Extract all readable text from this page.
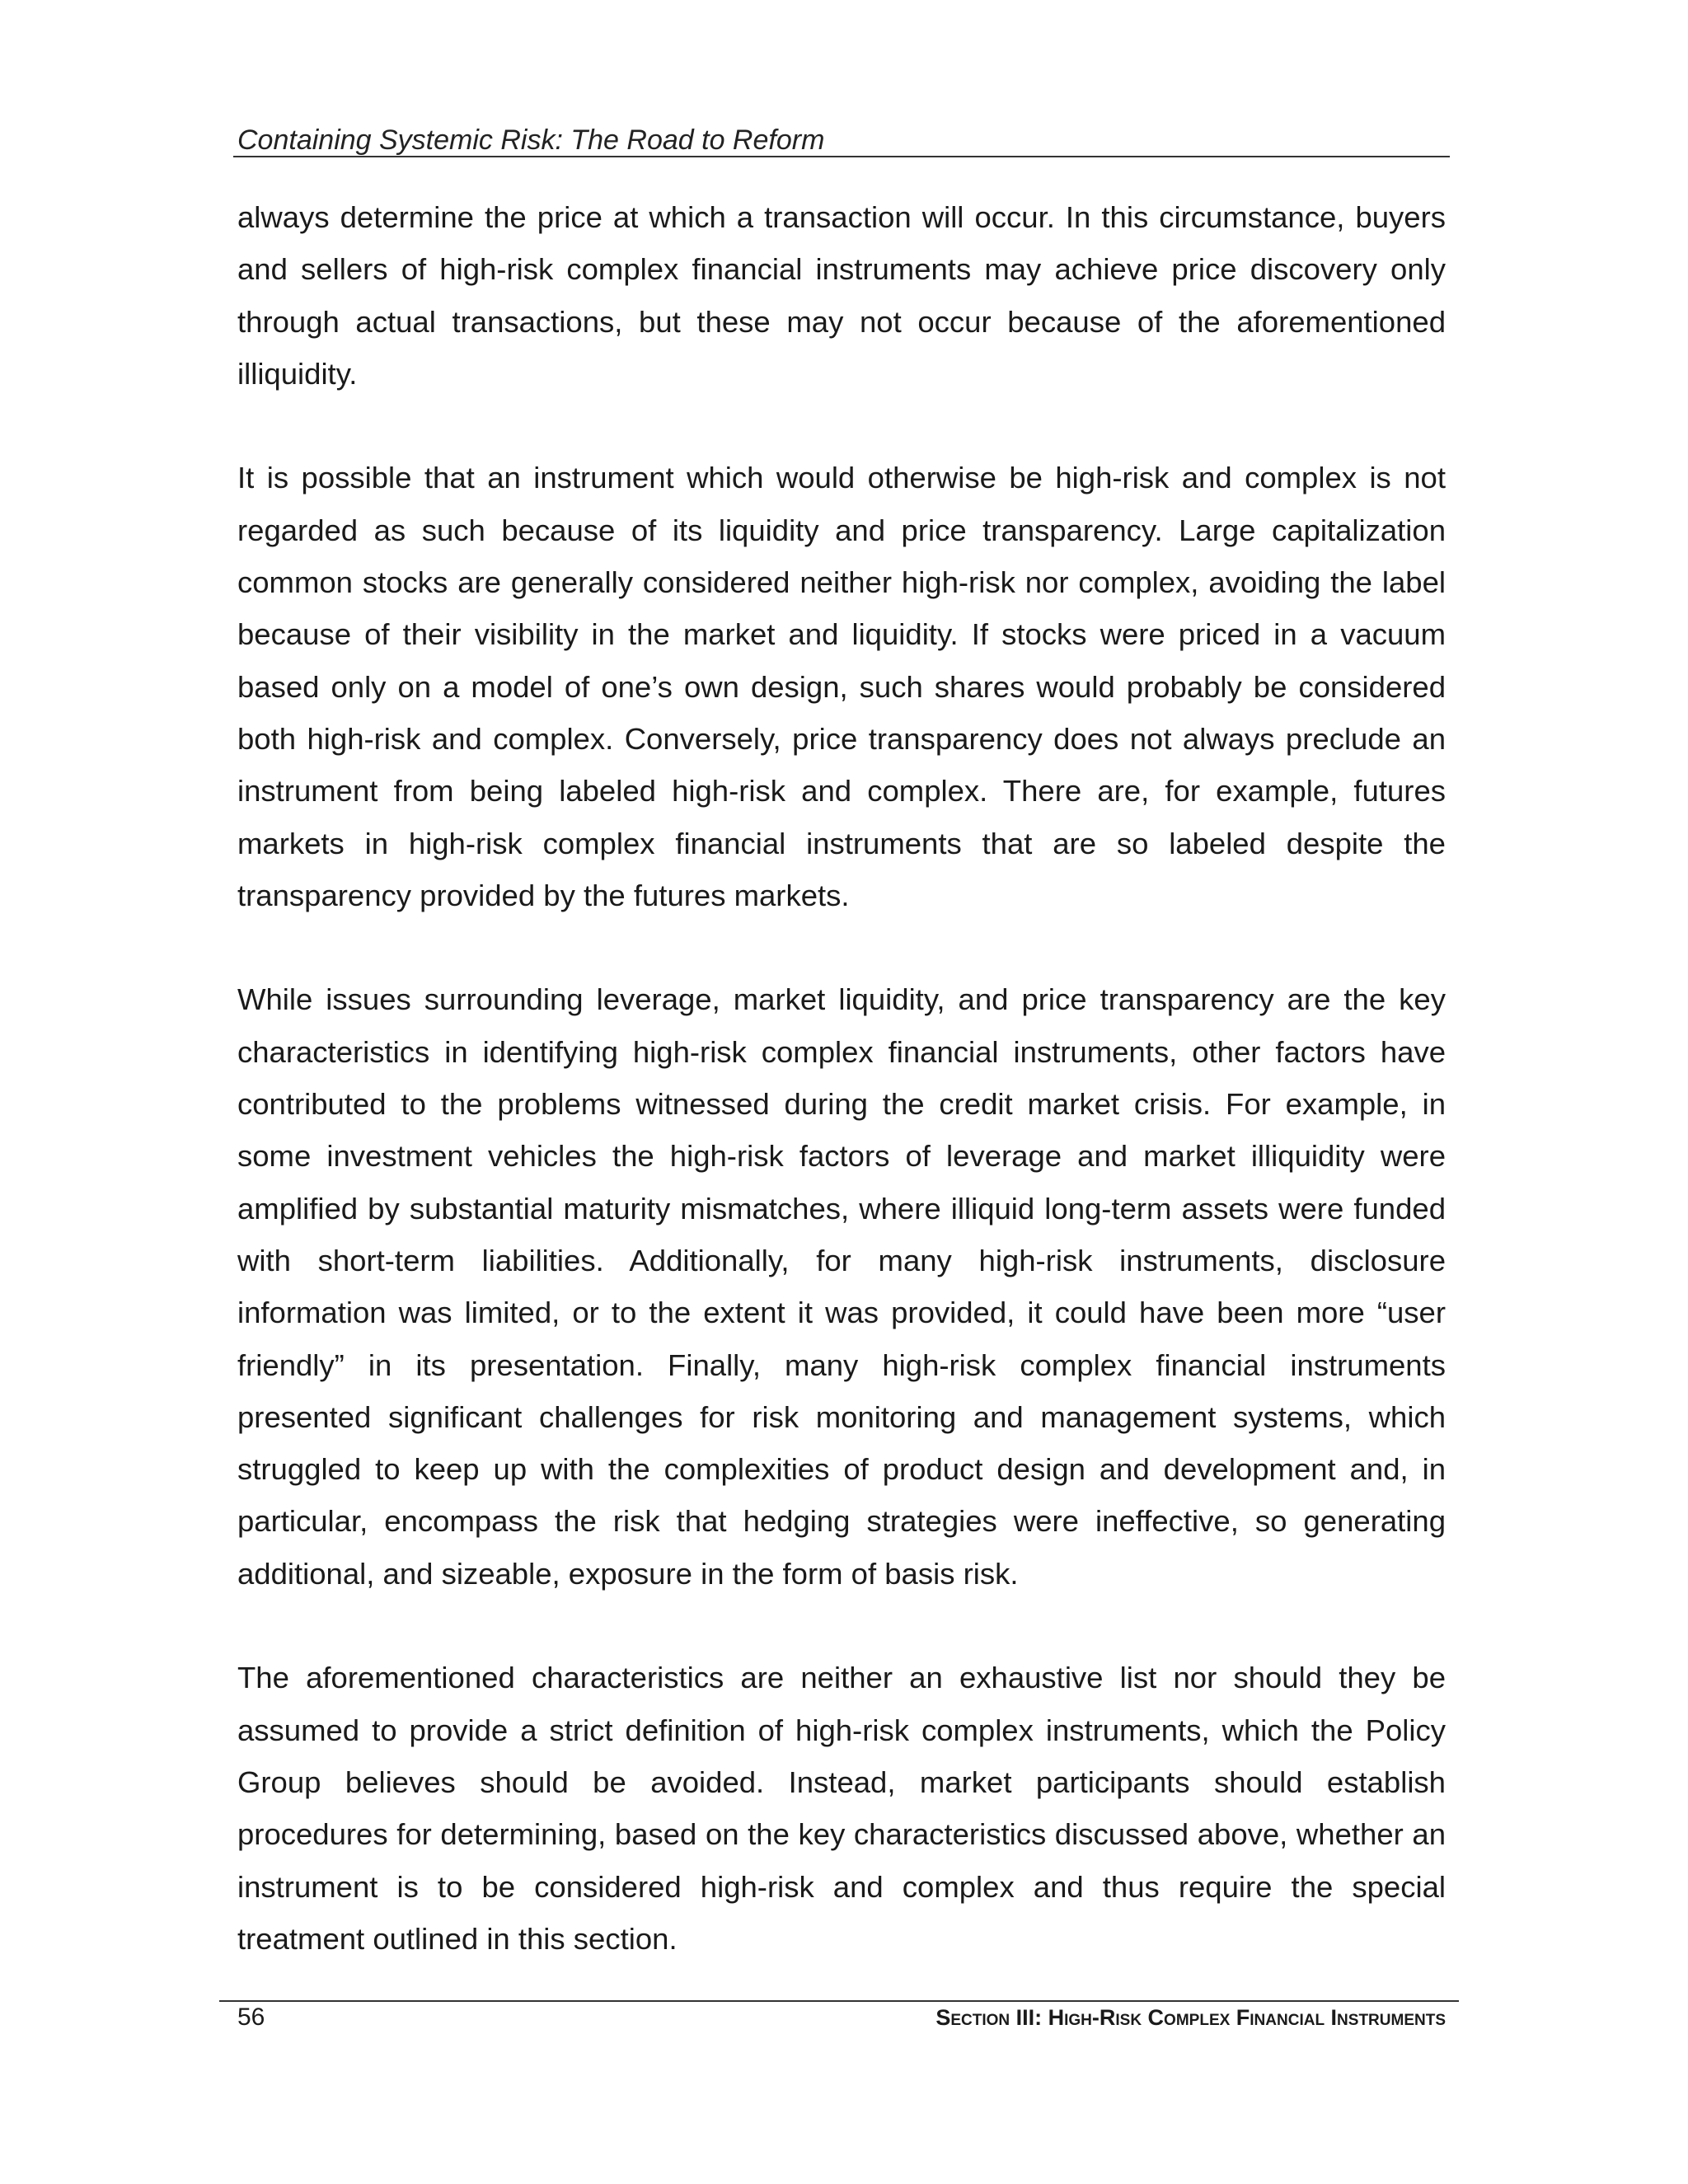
Containing Systemic Risk: The Road to Reform

always determine the price at which a transaction will occur. In this circumstance, buyers and sellers of high-risk complex financial instruments may achieve price discovery only through actual transactions, but these may not occur because of the aforementioned illiquidity.

It is possible that an instrument which would otherwise be high-risk and complex is not regarded as such because of its liquidity and price transparency. Large capitalization common stocks are generally considered neither high-risk nor complex, avoiding the label because of their visibility in the market and liquidity. If stocks were priced in a vacuum based only on a model of one’s own design, such shares would probably be considered both high-risk and complex. Conversely, price transparency does not always preclude an instrument from being labeled high-risk and complex. There are, for example, futures markets in high-risk complex financial instruments that are so labeled despite the transparency provided by the futures markets.

While issues surrounding leverage, market liquidity, and price transparency are the key characteristics in identifying high-risk complex financial instruments, other factors have contributed to the problems witnessed during the credit market crisis. For example, in some investment vehicles the high-risk factors of leverage and market illiquidity were amplified by substantial maturity mismatches, where illiquid long-term assets were funded with short-term liabilities. Additionally, for many high-risk instruments, disclosure information was limited, or to the extent it was provided, it could have been more “user friendly” in its presentation. Finally, many high-risk complex financial instruments presented significant challenges for risk monitoring and management systems, which struggled to keep up with the complexities of product design and development and, in particular, encompass the risk that hedging strategies were ineffective, so generating additional, and sizeable, exposure in the form of basis risk.

The aforementioned characteristics are neither an exhaustive list nor should they be assumed to provide a strict definition of high-risk complex instruments, which the Policy Group believes should be avoided. Instead, market participants should establish procedures for determining, based on the key characteristics discussed above, whether an instrument is to be considered high-risk and complex and thus require the special treatment outlined in this section.

56	Section III: High-Risk Complex Financial Instruments
